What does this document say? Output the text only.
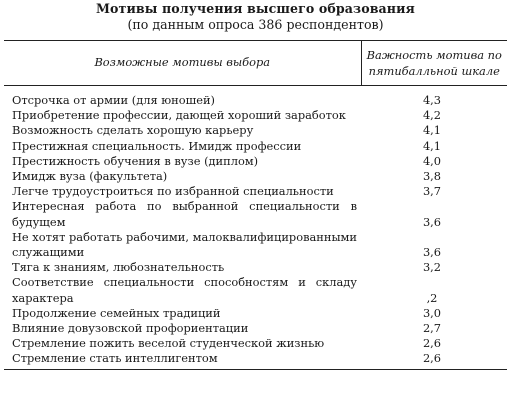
Мотивы получения высшего образования
(по данным опроса 386 респондентов)
Возможные мотивы выбора	Важность мотива по
пятибалльной шкале
Отсрочка от армии (для юношей)	4,3
Приобретение профессии, дающей хороший заработок	4,2
Возможность сделать хорошую карьеру	4,1
Престижная специальность. Имидж профессии	4,1
Престижность обучения в вузе (диплом)	4,0
Имидж вуза (факультета)	3,8
Легче трудоустроиться по избранной специальности	3,7
Интересная работа по выбранной специальности в будущем	3,6
Не хотят работать рабочими, малоквалифицированными служащими	3,6
Тяга к знаниям, любознательность	3,2
Соответствие специальности способностям и складу характера	,2
Продолжение семейных традиций	3,0
Влияние довузовской профориентации	2,7
Стремление пожить веселой студенческой жизнью	2,6
Стремление стать интеллигентом	2,6
